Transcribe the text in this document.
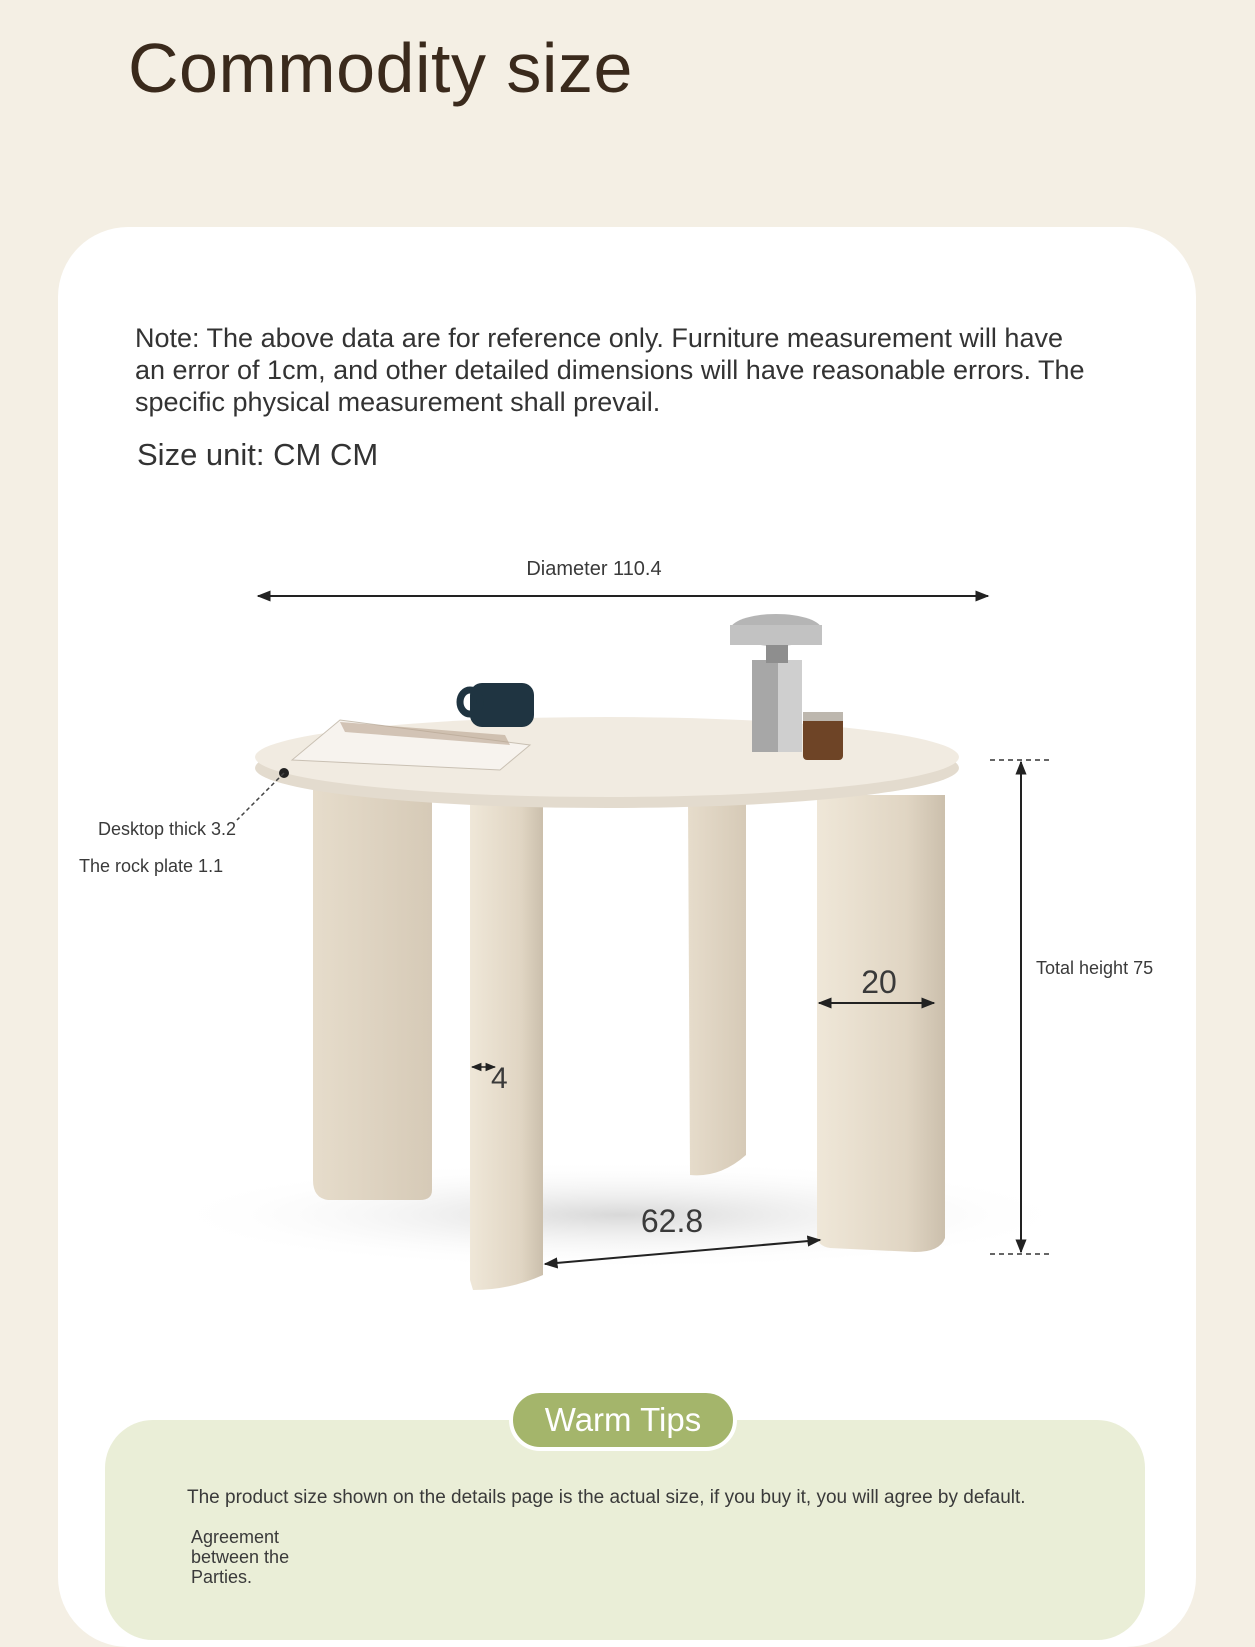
Commodity size
Note: The above data are for reference only. Furniture measurement will have an error of 1cm, and other detailed dimensions will have reasonable errors. The specific physical measurement shall prevail.
Size unit: CM CM
Diameter 110.4
Desktop thick 3.2
The rock plate 1.1
Total height 75
20
4
62.8
Warm Tips
The product size shown on the details page is the actual size, if you buy it, you will agree by default.
Agreement between the Parties.
